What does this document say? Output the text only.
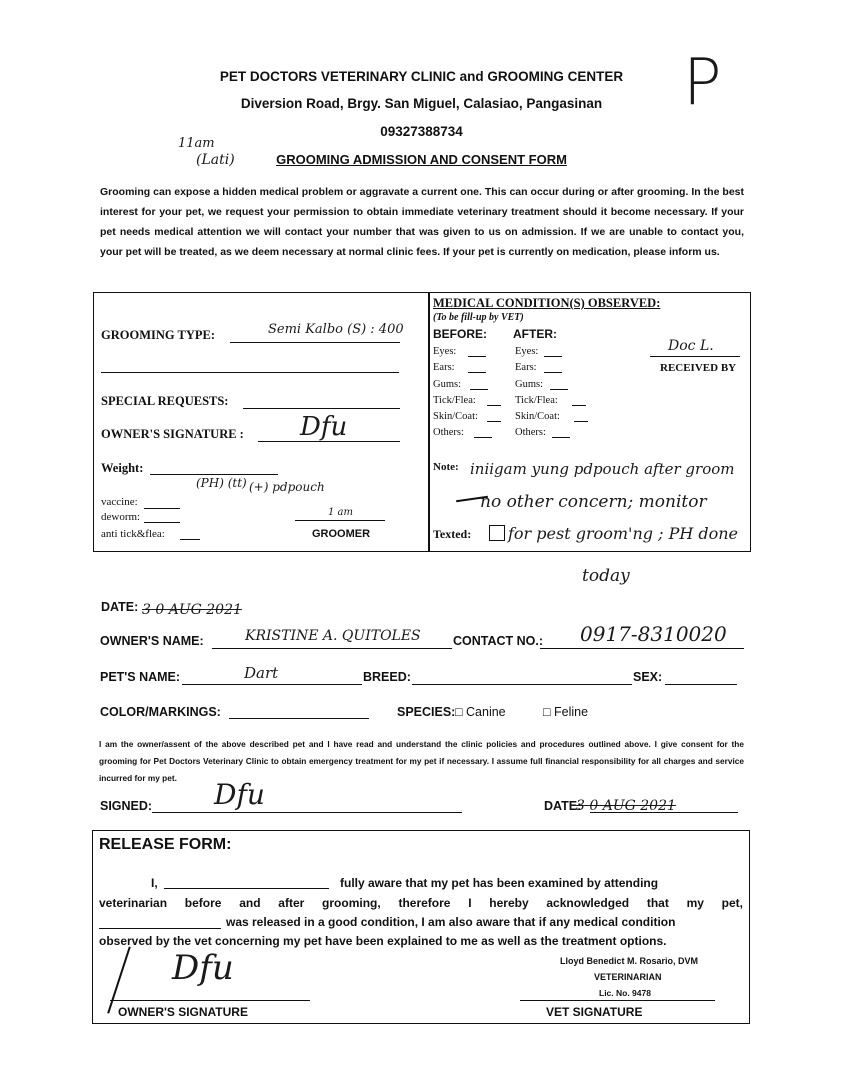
PET DOCTORS VETERINARY CLINIC and GROOMING CENTER
Diversion Road, Brgy. San Miguel, Calasiao, Pangasinan
09327388734
GROOMING ADMISSION AND CONSENT FORM
P
11am
(Lati)
Grooming can expose a hidden medical problem or aggravate a current one. This can occur during or after grooming. In the best interest for your pet, we request your permission to obtain immediate veterinary treatment should it become necessary. If your pet needs medical attention we will contact your number that was given to us on admission. If we are unable to contact you, your pet will be treated, as we deem necessary at normal clinic fees. If your pet is currently on medication, please inform us.
GROOMING TYPE:	Semi Kalbo (S) : 400
SPECIAL REQUESTS:
OWNER'S SIGNATURE : Dfu
Weight:
vaccine:
deworm:
anti tick&flea:
(PH) (tt) (+) pdpouch
1 am
GROOMER
MEDICAL CONDITION(S) OBSERVED:
(To be fill-up by VET)
BEFORE: AFTER:
Eyes:	Eyes:
Ears:	Ears:
Gums:	Gums:
Tick/Flea:	Tick/Flea:
Skin/Coat:	Skin/Coat:
Others:	Others:
Doc L.
RECEIVED BY
Note: iniigam yung pdpouch after groom
no other concern; monitor
Texted: for pest groom'ng ; PH done
today
DATE: 3 0 AUG 2021
OWNER'S NAME:	KRISTINE A. QUITOLES	CONTACT NO.: 0917-8310020
PET'S NAME:	Dart	BREED:	SEX:
COLOR/MARKINGS:	SPECIES: □ Canine	□ Feline
I am the owner/assent of the above described pet and I have read and understand the clinic policies and procedures outlined above. I give consent for the grooming for Pet Doctors Veterinary Clinic to obtain emergency treatment for my pet if necessary. I assume full financial responsibility for all charges and service incurred for my pet.
SIGNED: Dfu	DATE:
3 0 AUG 2021
RELEASE FORM:
I,	fully aware that my pet has been examined by attending
veterinarian before and after grooming, therefore I hereby acknowledged that my pet,
was released in a good condition, I am also aware that if any medical condition
observed by the vet concerning my pet have been explained to me as well as the treatment options.
Dfu
OWNER'S SIGNATURE
Lloyd Benedict M. Rosario, DVM
VETERINARIAN
Lic. No. 9478
VET SIGNATURE
